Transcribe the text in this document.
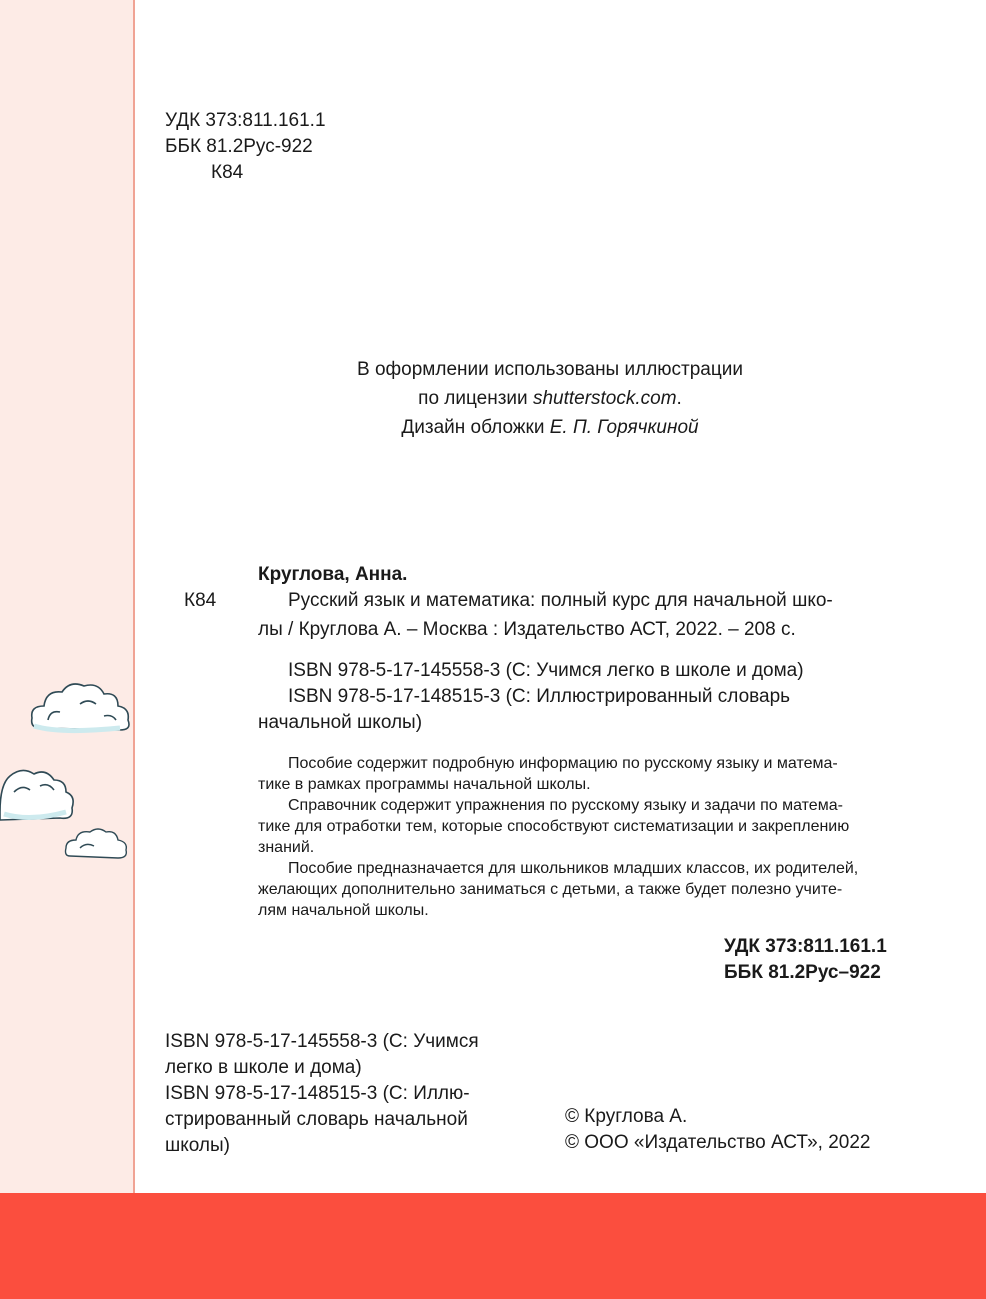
УДК 373:811.161.1
ББК 81.2Рус-922
К84
В оформлении использованы иллюстрации
по лицензии shutterstock.com.
Дизайн обложки Е. П. Горячкиной
Круглова, Анна.
К84	Русский язык и математика: полный курс для начальной шко-
лы / Круглова А. – Москва : Издательство АСТ, 2022. – 208 с.
ISBN 978-5-17-145558-3 (С: Учимся легко в школе и дома)
ISBN 978-5-17-148515-3 (С: Иллюстрированный словарь
начальной школы)
Пособие содержит подробную информацию по русскому языку и матема-
тике в рамках программы начальной школы.
Справочник содержит упражнения по русскому языку и задачи по матема-
тике для отработки тем, которые способствуют систематизации и закреплению
знаний.
Пособие предназначается для школьников младших классов, их родителей,
желающих дополнительно заниматься с детьми, а также будет полезно учите-
лям начальной школы.
УДК 373:811.161.1
ББК 81.2Рус–922
ISBN 978-5-17-145558-3 (С: Учимся
легко в школе и дома)
ISBN 978-5-17-148515-3 (С: Иллю-
стрированный словарь начальной
школы)
© Круглова А.
© ООО «Издательство АСТ», 2022
